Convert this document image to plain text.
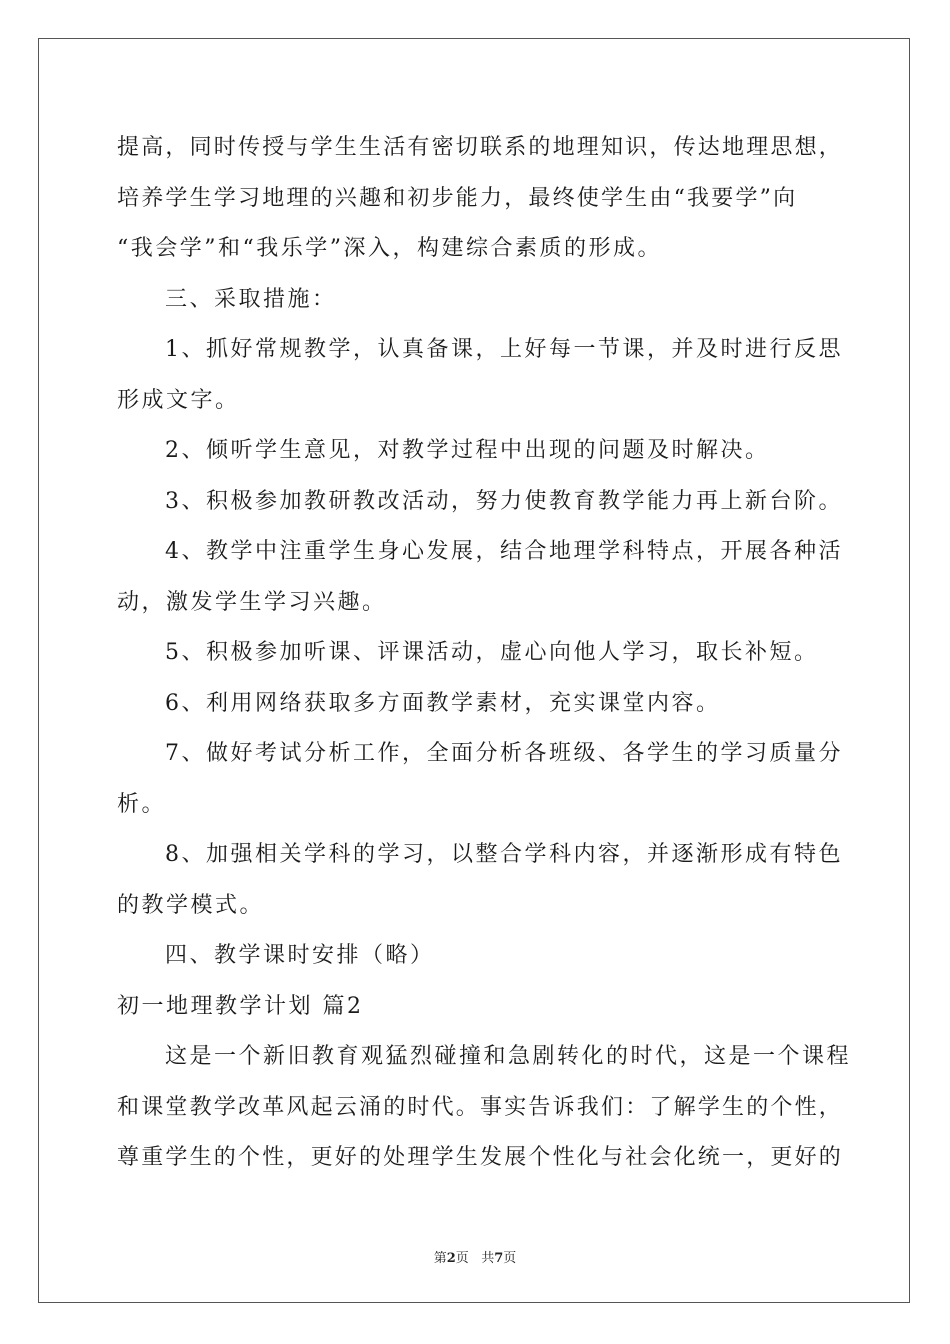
提高，同时传授与学生生活有密切联系的地理知识，传达地理思想，
培养学生学习地理的兴趣和初步能力，最终使学生由“我要学”向
“我会学”和“我乐学”深入，构建综合素质的形成。
三、采取措施：
1、抓好常规教学，认真备课，上好每一节课，并及时进行反思
形成文字。
2、倾听学生意见，对教学过程中出现的问题及时解决。
3、积极参加教研教改活动，努力使教育教学能力再上新台阶。
4、教学中注重学生身心发展，结合地理学科特点，开展各种活
动，激发学生学习兴趣。
5、积极参加听课、评课活动，虚心向他人学习，取长补短。
6、利用网络获取多方面教学素材，充实课堂内容。
7、做好考试分析工作，全面分析各班级、各学生的学习质量分
析。
8、加强相关学科的学习，以整合学科内容，并逐渐形成有特色
的教学模式。
四、教学课时安排（略）
初一地理教学计划 篇2
这是一个新旧教育观猛烈碰撞和急剧转化的时代，这是一个课程
和课堂教学改革风起云涌的时代。事实告诉我们：了解学生的个性，
尊重学生的个性，更好的处理学生发展个性化与社会化统一，更好的
第2页 共7页
